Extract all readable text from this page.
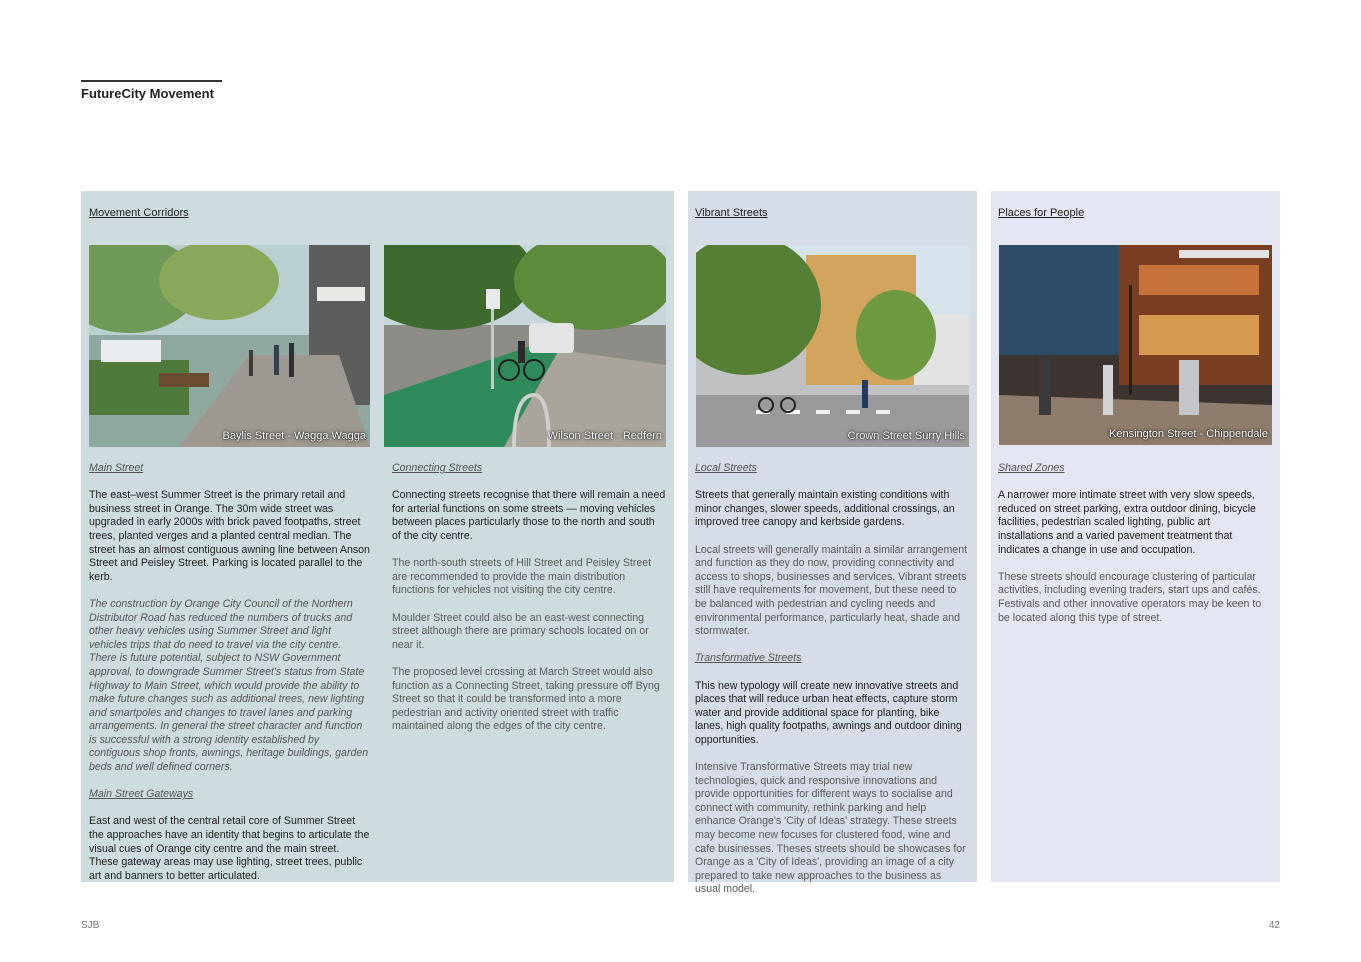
FutureCity Movement
Movement Corridors
Baylis Street - Wagga Wagga	Wilson Street - Redfern

Main Street

The east–west Summer Street is the primary retail and business street in Orange. The 30m wide street was upgraded in early 2000s with brick paved footpaths, street trees, planted verges and a planted central median. The street has an almost contiguous awning line between Anson Street and Peisley Street. Parking is located parallel to the kerb.

The construction by Orange City Council of the Northern Distributor Road has reduced the numbers of trucks and other heavy vehicles using Summer Street and light vehicles trips that do need to travel via the city centre. There is future potential, subject to NSW Government approval, to downgrade Summer Street's status from State Highway to Main Street, which would provide the ability to make future changes such as additional trees, new lighting and smartpoles and changes to travel lanes and parking arrangements. In general the street character and function is successful with a strong identity established by contiguous shop fronts, awnings, heritage buildings, garden beds and well defined corners.

Main Street Gateways

East and west of the central retail core of Summer Street the approaches have an identity that begins to articulate the visual cues of Orange city centre and the main street. These gateway areas may use lighting, street trees, public art and banners to better articulated.

Connecting Streets

Connecting streets recognise that there will remain a need for arterial functions on some streets — moving vehicles between places particularly those to the north and south of the city centre.

The north-south streets of Hill Street and Peisley Street are recommended to provide the main distribution functions for vehicles not visiting the city centre.

Moulder Street could also be an east-west connecting street although there are primary schools located on or near it.

The proposed level crossing at March Street would also function as a Connecting Street, taking pressure off Byng Street so that it could be transformed into a more pedestrian and activity oriented street with traffic maintained along the edges of the city centre.

Vibrant Streets
Crown Street Surry Hills

Local Streets

Streets that generally maintain existing conditions with minor changes, slower speeds, additional crossings, an improved tree canopy and kerbside gardens.

Local streets will generally maintain a similar arrangement and function as they do now, providing connectivity and access to shops, businesses and services. Vibrant streets still have requirements for movement, but these need to be balanced with pedestrian and cycling needs and environmental performance, particularly heat, shade and stormwater.

Transformative Streets

This new typology will create new innovative streets and places that will reduce urban heat effects, capture storm water and provide additional space for planting, bike lanes, high quality footpaths, awnings and outdoor dining opportunities.

Intensive Transformative Streets may trial new technologies, quick and responsive innovations and provide opportunities for different ways to socialise and connect with community, rethink parking and help enhance Orange's 'City of Ideas' strategy. These streets may become new focuses for clustered food, wine and cafe businesses. Theses streets should be showcases for Orange as a 'City of Ideas', providing an image of a city prepared to take new approaches to the business as usual model.

Places for People
Kensington Street - Chippendale

Shared Zones

A narrower more intimate street with very slow speeds, reduced on street parking, extra outdoor dining, bicycle facilities, pedestrian scaled lighting, public art installations and a varied pavement treatment that indicates a change in use and occupation.

These streets should encourage clustering of particular activities, including evening traders, start ups and cafés. Festivals and other innovative operators may be keen to be located along this type of street.

SJB	42
